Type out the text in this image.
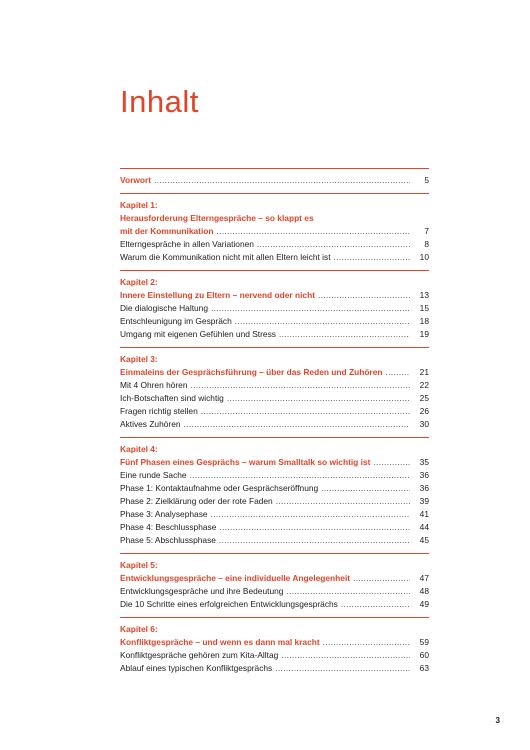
Inhalt
Vorwort . . .	5
Kapitel 1:
Herausforderung Elterngespräche – so klappt es
mit der Kommunikation . . .	7
Elterngespräche in allen Variationen . . .	8
Warum die Kommunikation nicht mit allen Eltern leicht ist . . .	10
Kapitel 2:
Innere Einstellung zu Eltern – nervend oder nicht . . .	13
Die dialogische Haltung . . .	15
Entschleunigung im Gespräch . . .	18
Umgang mit eigenen Gefühlen und Stress . . .	19
Kapitel 3:
Einmaleins der Gesprächsführung – über das Reden und Zuhören . . .	21
Mit 4 Ohren hören . . .	22
Ich-Botschaften sind wichtig . . .	25
Fragen richtig stellen . . .	26
Aktives Zuhören . . .	30
Kapitel 4:
Fünf Phasen eines Gesprächs – warum Smalltalk so wichtig ist . . .	35
Eine runde Sache . . .	36
Phase 1: Kontaktaufnahme oder Gesprächseröffnung . . .	36
Phase 2: Zielklärung oder der rote Faden . . .	39
Phase 3: Analysephase . . .	41
Phase 4: Beschlussphase . . .	44
Phase 5: Abschlussphase . . .	45
Kapitel 5:
Entwicklungsgespräche – eine individuelle Angelegenheit . . .	47
Entwicklungsgespräche und ihre Bedeutung . . .	48
Die 10 Schritte eines erfolgreichen Entwicklungsgesprächs . . .	49
Kapitel 6:
Konfliktgespräche – und wenn es dann mal kracht . . .	59
Konfliktgespräche gehören zum Kita-Alltag . . .	60
Ablauf eines typischen Konfliktgesprächs . . .	63
3
